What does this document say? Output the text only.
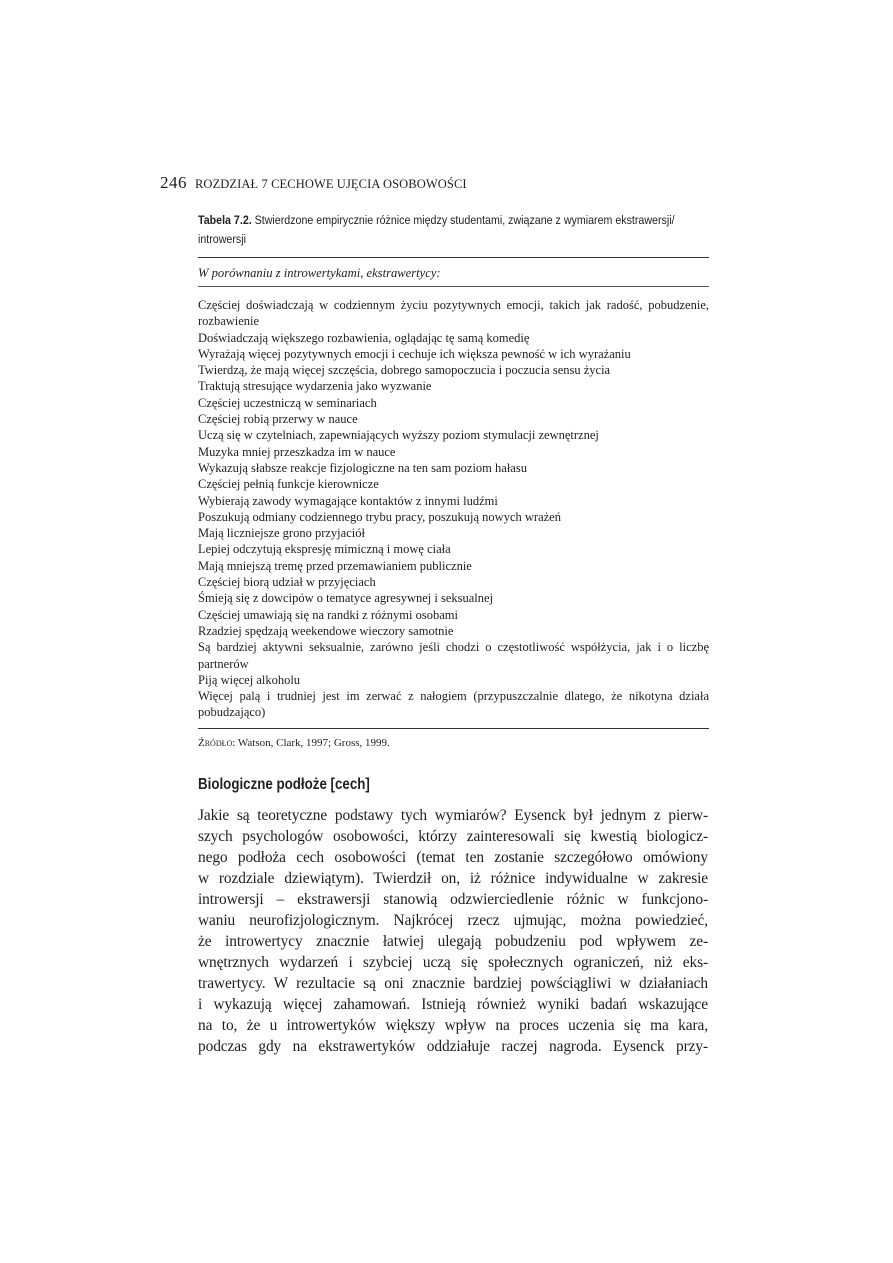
246 ROZDZIAŁ 7 CECHOWE UJĘCIA OSOBOWOŚCI
Tabela 7.2. Stwierdzone empirycznie różnice między studentami, związane z wymiarem ekstrawersji/ introwersji
W porównaniu z introwertykami, ekstrawertycy:
Częściej doświadczają w codziennym życiu pozytywnych emocji, takich jak radość, pobudzenie, rozbawienie
Doświadczają większego rozbawienia, oglądając tę samą komedię
Wyrażają więcej pozytywnych emocji i cechuje ich większa pewność w ich wyrażaniu
Twierdzą, że mają więcej szczęścia, dobrego samopoczucia i poczucia sensu życia
Traktują stresujące wydarzenia jako wyzwanie
Częściej uczestniczą w seminariach
Częściej robią przerwy w nauce
Uczą się w czytelniach, zapewniających wyższy poziom stymulacji zewnętrznej
Muzyka mniej przeszkadza im w nauce
Wykazują słabsze reakcje fizjologiczne na ten sam poziom hałasu
Częściej pełnią funkcje kierownicze
Wybierają zawody wymagające kontaktów z innymi ludźmi
Poszukują odmiany codziennego trybu pracy, poszukują nowych wrażeń
Mają liczniejsze grono przyjaciół
Lepiej odczytują ekspresję mimiczną i mowę ciała
Mają mniejszą tremę przed przemawianiem publicznie
Częściej biorą udział w przyjęciach
Śmieją się z dowcipów o tematyce agresywnej i seksualnej
Częściej umawiają się na randki z różnymi osobami
Rzadziej spędzają weekendowe wieczory samotnie
Są bardziej aktywni seksualnie, zarówno jeśli chodzi o częstotliwość współżycia, jak i o liczbę partnerów
Piją więcej alkoholu
Więcej palą i trudniej jest im zerwać z nałogiem (przypuszczalnie dlatego, że nikotyna działa pobudzająco)
Źródło: Watson, Clark, 1997; Gross, 1999.
Biologiczne podłoże [cech]
Jakie są teoretyczne podstawy tych wymiarów? Eysenck był jednym z pierw-
szych psychologów osobowości, którzy zainteresowali się kwestią biologicz-
nego podłoża cech osobowości (temat ten zostanie szczegółowo omówiony
w rozdziale dziewiątym). Twierdził on, iż różnice indywidualne w zakresie
introwersji – ekstrawersji stanowią odzwierciedlenie różnic w funkcjono-
waniu neurofizjologicznym. Najkrócej rzecz ujmując, można powiedzieć,
że introwertycy znacznie łatwiej ulegają pobudzeniu pod wpływem ze-
wnętrznych wydarzeń i szybciej uczą się społecznych ograniczeń, niż eks-
trawertycy. W rezultacie są oni znacznie bardziej powściągliwi w działaniach
i wykazują więcej zahamowań. Istnieją również wyniki badań wskazujące
na to, że u introwertyków większy wpływ na proces uczenia się ma kara,
podczas gdy na ekstrawertyków oddziałuje raczej nagroda. Eysenck przy-
